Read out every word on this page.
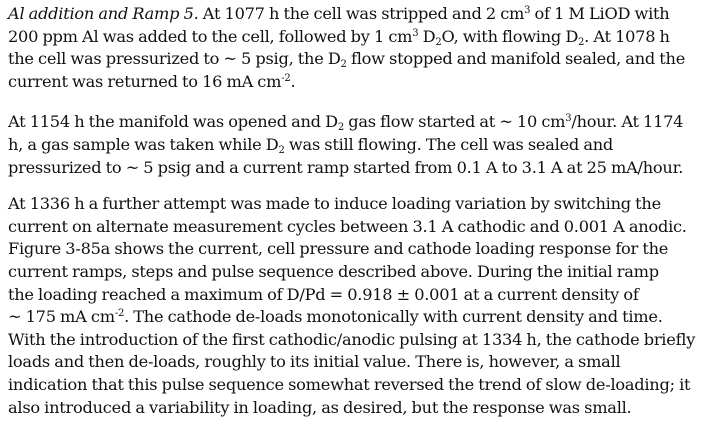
Al addition and Ramp 5. At 1077 h the cell was stripped and 2 $cm^3$ of 1 M LiOD with
200 ppm Al was added to the cell, followed by 1 $cm^3$ $D_2O$, with flowing $D_2$. At 1078 h
the cell was pressurized to ~ 5 psig, the $D_2$ flow stopped and manifold sealed, and the
current was returned to 16 mA $cm^{-2}$.

At 1154 h the manifold was opened and $D_2$ gas flow started at ~ 10 $cm^3$/hour. At 1174
h, a gas sample was taken while $D_2$ was still flowing. The cell was sealed and
pressurized to ~ 5 psig and a current ramp started from 0.1 A to 3.1 A at 25 mA/hour.

At 1336 h a further attempt was made to induce loading variation by switching the
current on alternate measurement cycles between 3.1 A cathodic and 0.001 A anodic.
Figure 3-85a shows the current, cell pressure and cathode loading response for the
current ramps, steps and pulse sequence described above. During the initial ramp
the loading reached a maximum of D/Pd = 0.918 ± 0.001 at a current density of
~ 175 mA $cm^{-2}$. The cathode de-loads monotonically with current density and time.
With the introduction of the first cathodic/anodic pulsing at 1334 h, the cathode briefly
loads and then de-loads, roughly to its initial value. There is, however, a small
indication that this pulse sequence somewhat reversed the trend of slow de-loading; it
also introduced a variability in loading, as desired, but the response was small.
